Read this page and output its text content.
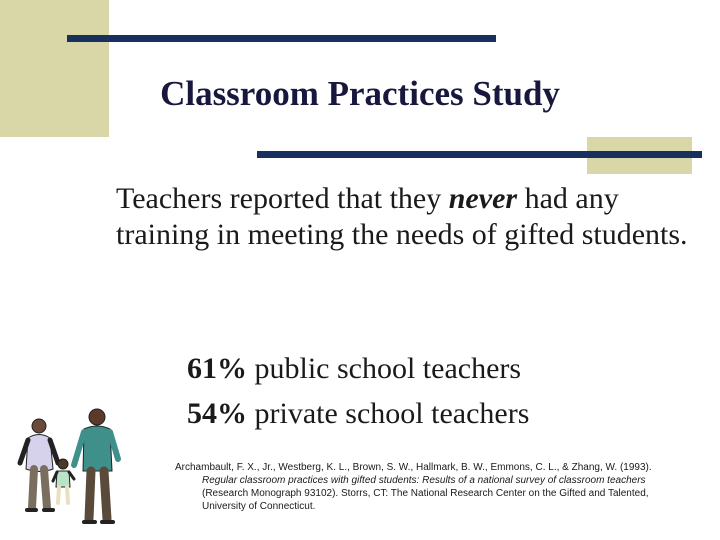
Classroom Practices Study
Teachers reported that they never had any training in meeting the needs of gifted students.
61% public school teachers
54% private school teachers
Archambault, F. X., Jr., Westberg, K. L., Brown, S. W., Hallmark, B. W., Emmons, C. L., & Zhang, W. (1993).
Regular classroom practices with gifted students: Results of a national survey of classroom teachers
(Research Monograph 93102). Storrs, CT: The National Research Center on the Gifted and Talented,
University of Connecticut.
